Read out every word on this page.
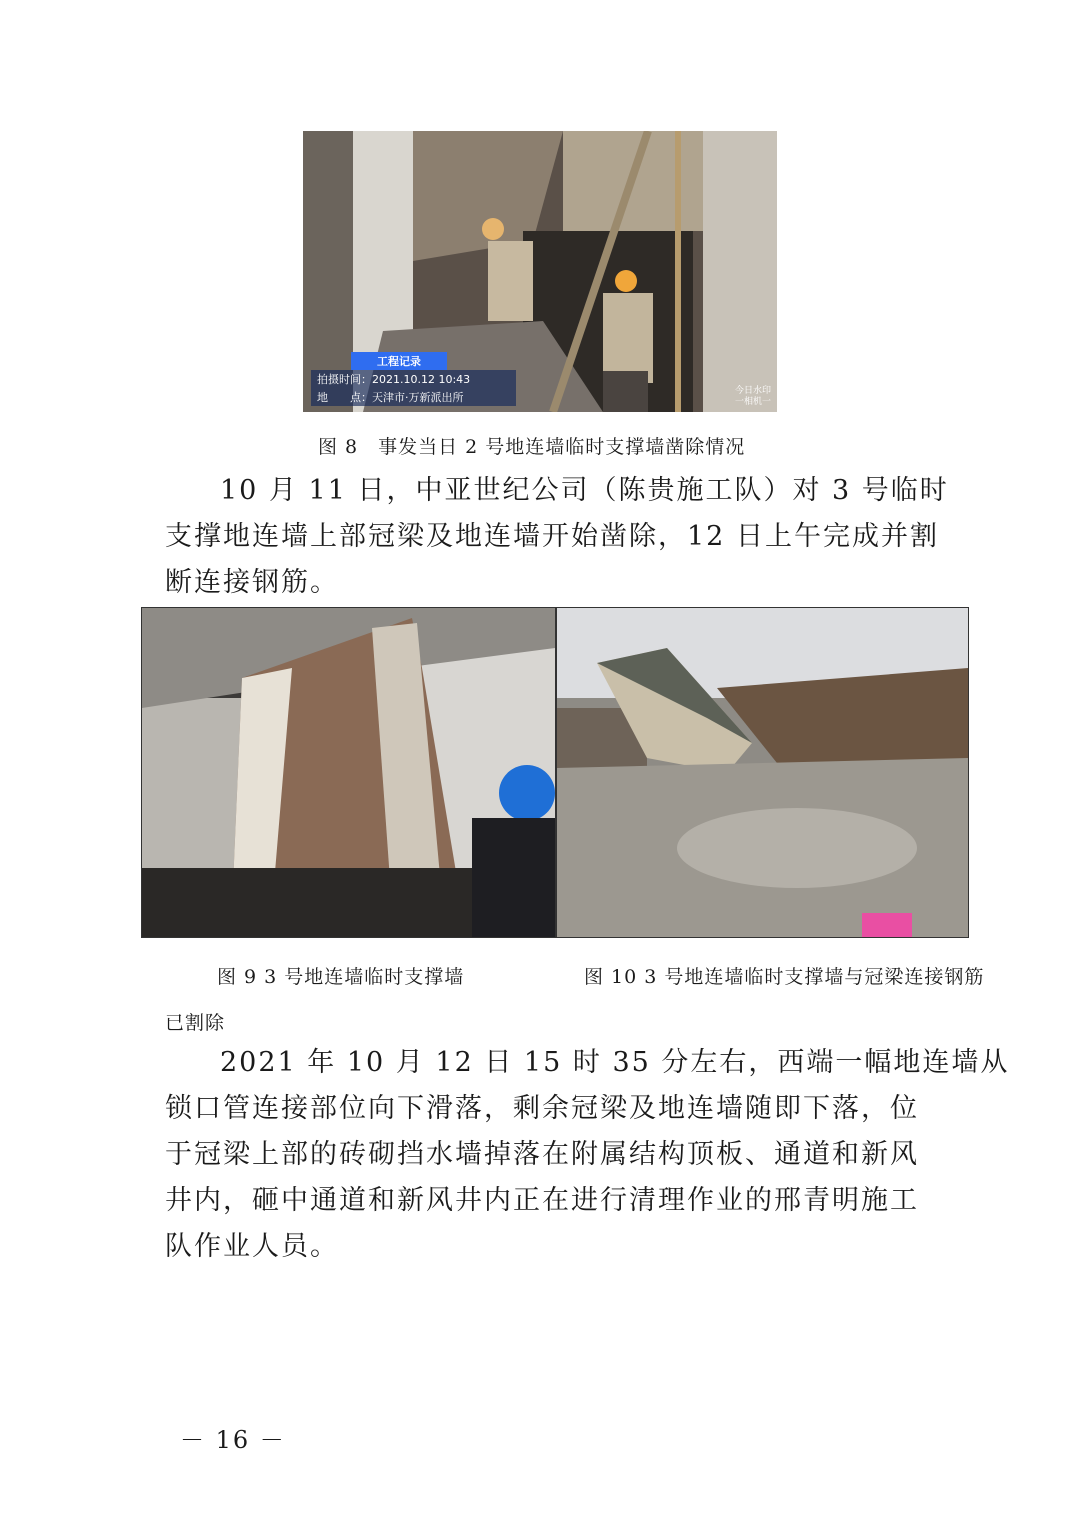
工程记录
拍摄时间：2021.10.12 10:43
地　　点：天津市·万新派出所	今日水印
一相机一
图 8　事发当日 2 号地连墙临时支撑墙凿除情况
10 月 11 日，中亚世纪公司（陈贵施工队）对 3 号临时
支撑地连墙上部冠梁及地连墙开始凿除，12 日上午完成并割
断连接钢筋。
图 9 3 号地连墙临时支撑墙	图 10 3 号地连墙临时支撑墙与冠梁连接钢筋
已割除
2021 年 10 月 12 日 15 时 35 分左右，西端一幅地连墙从
锁口管连接部位向下滑落，剩余冠梁及地连墙随即下落，位
于冠梁上部的砖砌挡水墙掉落在附属结构顶板、通道和新风
井内，砸中通道和新风井内正在进行清理作业的邢青明施工
队作业人员。
－ 16 －
